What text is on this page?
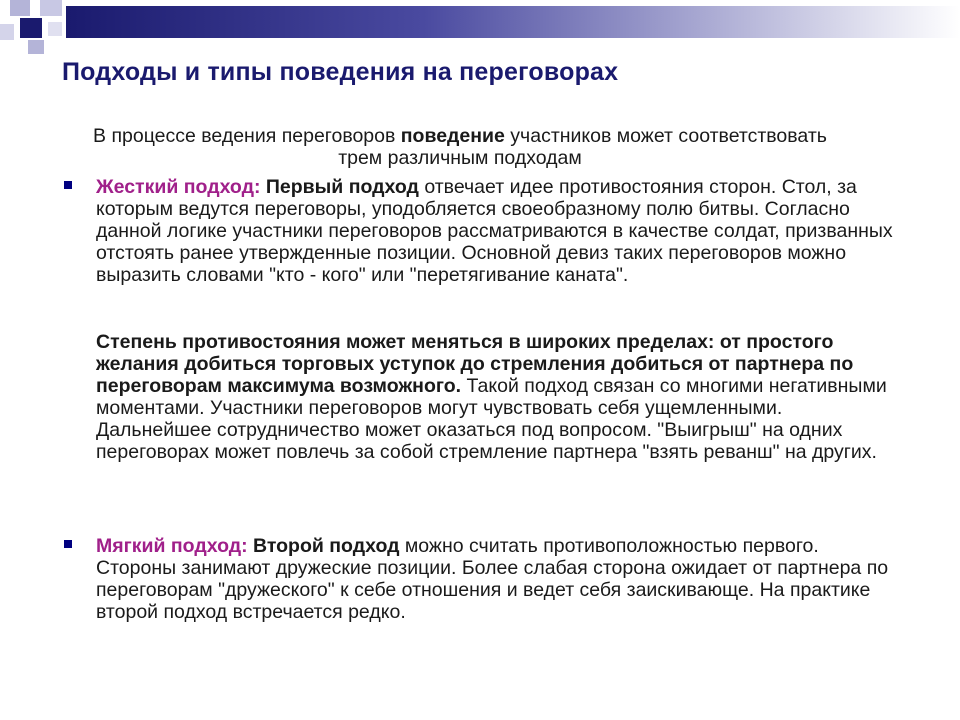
Подходы и типы поведения на переговорах
В процессе ведения переговоров поведение участников может соответствовать трем различным подходам
Жесткий подход: Первый подход отвечает идее противостояния сторон. Стол, за которым ведутся переговоры, уподобляется своеобразному полю битвы. Согласно данной логике участники переговоров рассматриваются в качестве солдат, призванных отстоять ранее утвержденные позиции. Основной девиз таких переговоров можно выразить словами "кто - кого" или "перетягивание каната".
Степень противостояния может меняться в широких пределах: от простого желания добиться торговых уступок до стремления добиться от партнера по переговорам максимума возможного. Такой подход связан со многими негативными моментами. Участники переговоров могут чувствовать себя ущемленными. Дальнейшее сотрудничество может оказаться под вопросом. "Выигрыш" на одних переговорах может повлечь за собой стремление партнера "взять реванш" на других.
Мягкий подход: Второй подход можно считать противоположностью первого. Стороны занимают дружеские позиции. Более слабая сторона ожидает от партнера по переговорам "дружеского" к себе отношения и ведет себя заискивающе. На практике второй подход встречается редко.
